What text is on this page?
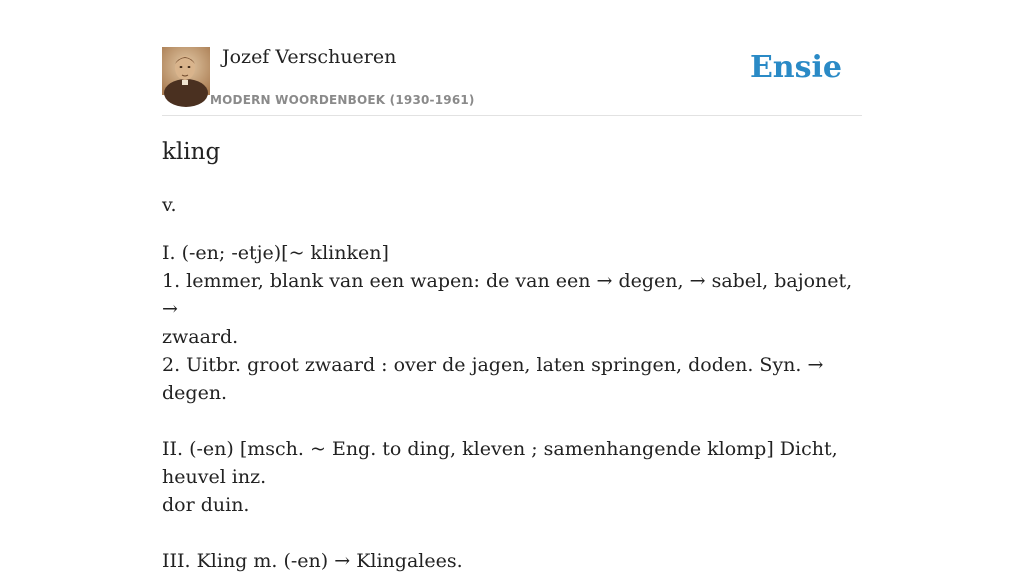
Jozef Verschueren
MODERN WOORDENBOEK (1930-1961)
Ensie
kling
v.
I. (-en; -etje)[~ klinken]
1. lemmer, blank van een wapen: de van een → degen, → sabel, bajonet, →
zwaard.
2. Uitbr. groot zwaard : over de jagen, laten springen, doden. Syn. → degen.
II. (-en) [msch. ~ Eng. to ding, kleven ; samenhangende klomp] Dicht, heuvel inz.
dor duin.
III. Kling m. (-en) → Klingalees.
